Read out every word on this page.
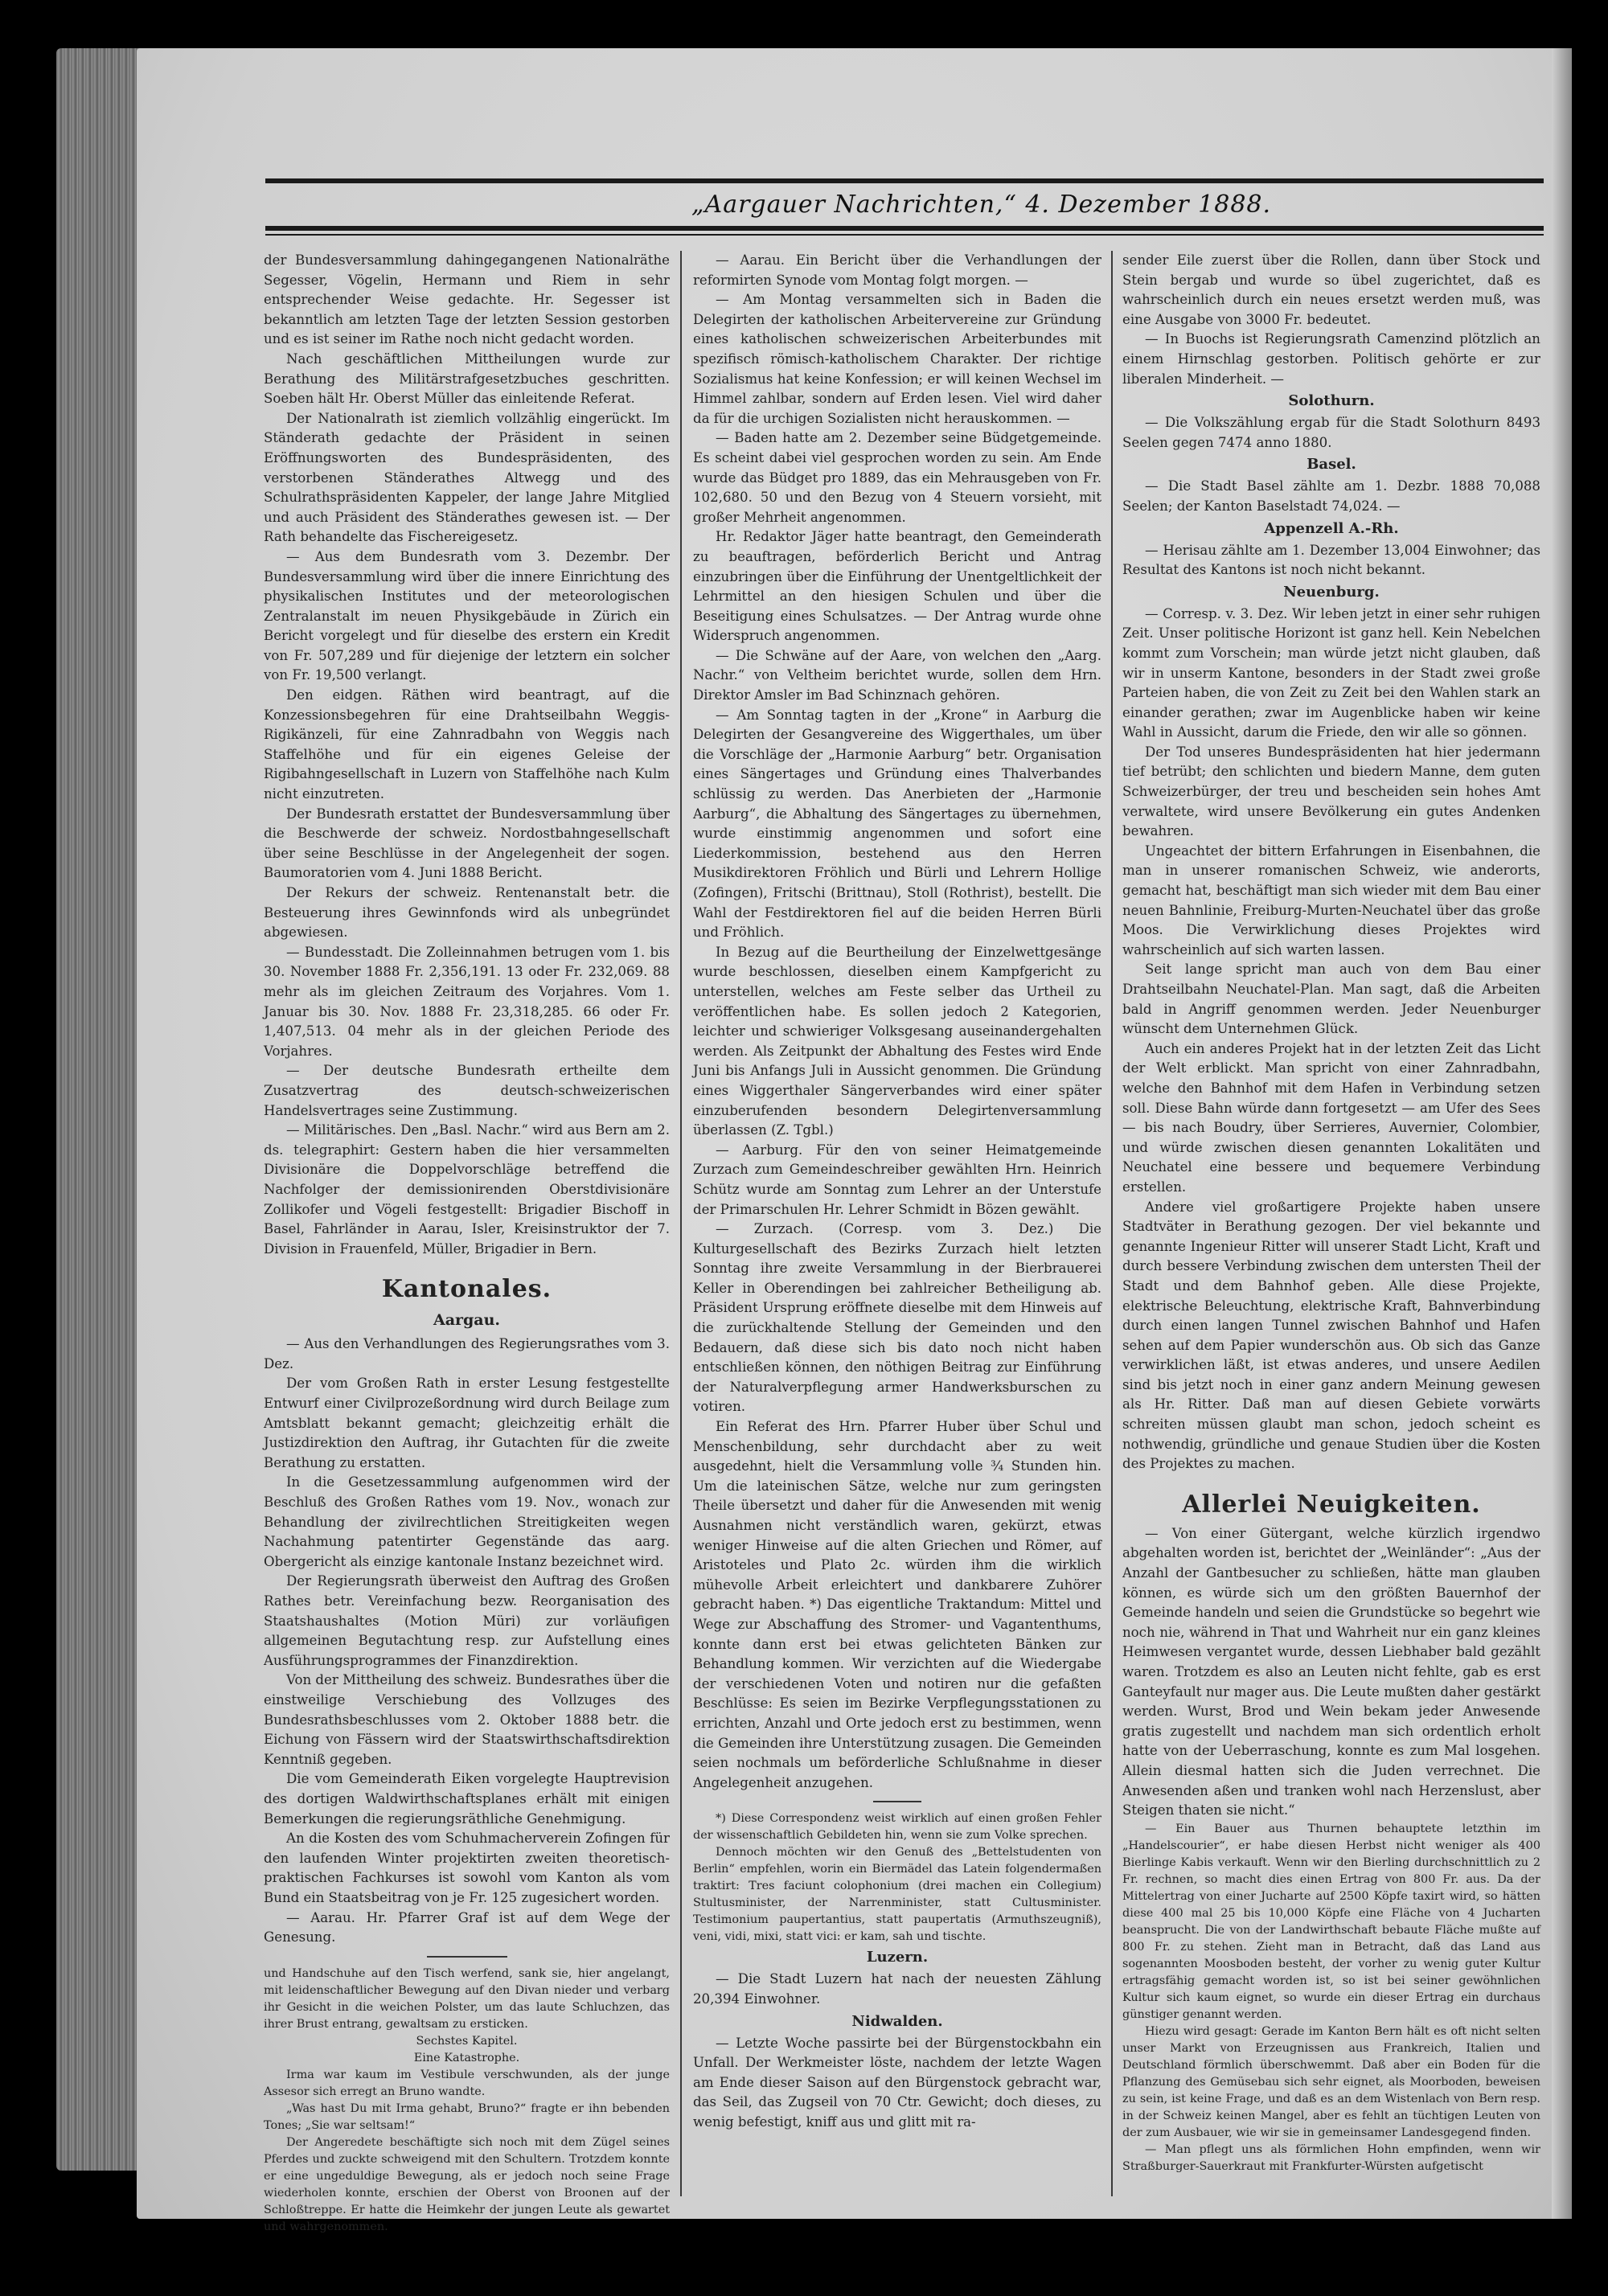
„Aargauer Nachrichten,“ 4. Dezember 1888.

der Bundesversammlung dahingegangenen Nationalräthe Segesser, Vögelin, Hermann und Riem in sehr entsprechender Weise gedachte. Hr. Segesser ist bekanntlich am letzten Tage der letzten Session gestorben und es ist seiner im Rathe noch nicht gedacht worden.

Nach geschäftlichen Mittheilungen wurde zur Berathung des Militärstrafgesetzbuches geschritten. Soeben hält Hr. Oberst Müller das einleitende Referat.

Der Nationalrath ist ziemlich vollzählig eingerückt. Im Ständerath gedachte der Präsident in seinen Eröffnungsworten des Bundespräsidenten, des verstorbenen Ständerathes Altwegg und des Schulrathspräsidenten Kappeler, der lange Jahre Mitglied und auch Präsident des Ständerathes gewesen ist. — Der Rath behandelte das Fischereigesetz.

— Aus dem Bundesrath vom 3. Dezembr. Der Bundesversammlung wird über die innere Einrichtung des physikalischen Institutes und der meteorologischen Zentralanstalt im neuen Physikgebäude in Zürich ein Bericht vorgelegt und für dieselbe des erstern ein Kredit von Fr. 507,289 und für diejenige der letztern ein solcher von Fr. 19,500 verlangt.

Den eidgen. Räthen wird beantragt, auf die Konzessionsbegehren für eine Drahtseilbahn Weggis-Rigikänzeli, für eine Zahnradbahn von Weggis nach Staffelhöhe und für ein eigenes Geleise der Rigibahngesellschaft in Luzern von Staffelhöhe nach Kulm nicht einzutreten.

Der Bundesrath erstattet der Bundesversammlung über die Beschwerde der schweiz. Nordostbahngesellschaft über seine Beschlüsse in der Angelegenheit der sogen. Baumoratorien vom 4. Juni 1888 Bericht.

Der Rekurs der schweiz. Rentenanstalt betr. die Besteuerung ihres Gewinnfonds wird als unbegründet abgewiesen.

— Bundesstadt. Die Zolleinnahmen betrugen vom 1. bis 30. November 1888 Fr. 2,356,191. 13 oder Fr. 232,069. 88 mehr als im gleichen Zeitraum des Vorjahres. Vom 1. Januar bis 30. Nov. 1888 Fr. 23,318,285. 66 oder Fr. 1,407,513. 04 mehr als in der gleichen Periode des Vorjahres.

— Der deutsche Bundesrath ertheilte dem Zusatzvertrag des deutsch-schweizerischen Handelsvertrages seine Zustimmung.

— Militärisches. Den „Basl. Nachr.“ wird aus Bern am 2. ds. telegraphirt: Gestern haben die hier versammelten Divisionäre die Doppelvorschläge betreffend die Nachfolger der demissionirenden Oberstdivisionäre Zollikofer und Vögeli festgestellt: Brigadier Bischoff in Basel, Fahrländer in Aarau, Isler, Kreisinstruktor der 7. Division in Frauenfeld, Müller, Brigadier in Bern.

Kantonales.
Aargau.

— Aus den Verhandlungen des Regierungsrathes vom 3. Dez.

Der vom Großen Rath in erster Lesung festgestellte Entwurf einer Civilprozeßordnung wird durch Beilage zum Amtsblatt bekannt gemacht; gleichzeitig erhält die Justizdirektion den Auftrag, ihr Gutachten für die zweite Berathung zu erstatten.

In die Gesetzessammlung aufgenommen wird der Beschluß des Großen Rathes vom 19. Nov., wonach zur Behandlung der zivilrechtlichen Streitigkeiten wegen Nachahmung patentirter Gegenstände das aarg. Obergericht als einzige kantonale Instanz bezeichnet wird.

Der Regierungsrath überweist den Auftrag des Großen Rathes betr. Vereinfachung bezw. Reorganisation des Staatshaushaltes (Motion Müri) zur vorläufigen allgemeinen Begutachtung resp. zur Aufstellung eines Ausführungsprogrammes der Finanzdirektion.

Von der Mittheilung des schweiz. Bundesrathes über die einstweilige Verschiebung des Vollzuges des Bundesrathsbeschlusses vom 2. Oktober 1888 betr. die Eichung von Fässern wird der Staatswirthschaftsdirektion Kenntniß gegeben.

Die vom Gemeinderath Eiken vorgelegte Hauptrevision des dortigen Waldwirthschaftsplanes erhält mit einigen Bemerkungen die regierungsräthliche Genehmigung.

An die Kosten des vom Schuhmacherverein Zofingen für den laufenden Winter projektirten zweiten theoretisch-praktischen Fachkurses ist sowohl vom Kanton als vom Bund ein Staatsbeitrag von je Fr. 125 zugesichert worden.

— Aarau. Hr. Pfarrer Graf ist auf dem Wege der Genesung.

und Handschuhe auf den Tisch werfend, sank sie, hier angelangt, mit leidenschaftlicher Bewegung auf den Divan nieder und verbarg ihr Gesicht in die weichen Polster, um das laute Schluchzen, das ihrer Brust entrang, gewaltsam zu ersticken.

Sechstes Kapitel.
Eine Katastrophe.

Irma war kaum im Vestibule verschwunden, als der junge Assesor sich erregt an Bruno wandte.

„Was hast Du mit Irma gehabt, Bruno?“ fragte er ihn bebenden Tones; „Sie war seltsam!“

Der Angeredete beschäftigte sich noch mit dem Zügel seines Pferdes und zuckte schweigend mit den Schultern. Trotzdem konnte er eine ungeduldige Bewegung, als er jedoch noch seine Frage wiederholen konnte, erschien der Oberst von Broonen auf der Schloßtreppe. Er hatte die Heimkehr der jungen Leute als gewartet und wahrgenommen.

— Aarau. Ein Bericht über die Verhandlungen der reformirten Synode vom Montag folgt morgen. —

— Am Montag versammelten sich in Baden die Delegirten der katholischen Arbeitervereine zur Gründung eines katholischen schweizerischen Arbeiterbundes mit spezifisch römisch-katholischem Charakter. Der richtige Sozialismus hat keine Konfession; er will keinen Wechsel im Himmel zahlbar, sondern auf Erden lesen. Viel wird daher da für die urchigen Sozialisten nicht herauskommen. —

— Baden hatte am 2. Dezember seine Büdgetgemeinde. Es scheint dabei viel gesprochen worden zu sein. Am Ende wurde das Büdget pro 1889, das ein Mehrausgeben von Fr. 102,680. 50 und den Bezug von 4 Steuern vorsieht, mit großer Mehrheit angenommen.

Hr. Redaktor Jäger hatte beantragt, den Gemeinderath zu beauftragen, beförderlich Bericht und Antrag einzubringen über die Einführung der Unentgeltlichkeit der Lehrmittel an den hiesigen Schulen und über die Beseitigung eines Schulsatzes. — Der Antrag wurde ohne Widerspruch angenommen.

— Die Schwäne auf der Aare, von welchen den „Aarg. Nachr.“ von Veltheim berichtet wurde, sollen dem Hrn. Direktor Amsler im Bad Schinznach gehören.

— Am Sonntag tagten in der „Krone“ in Aarburg die Delegirten der Gesangvereine des Wiggerthales, um über die Vorschläge der „Harmonie Aarburg“ betr. Organisation eines Sängertages und Gründung eines Thalverbandes schlüssig zu werden. Das Anerbieten der „Harmonie Aarburg“, die Abhaltung des Sängertages zu übernehmen, wurde einstimmig angenommen und sofort eine Liederkommission, bestehend aus den Herren Musikdirektoren Fröhlich und Bürli und Lehrern Hollige (Zofingen), Fritschi (Brittnau), Stoll (Rothrist), bestellt. Die Wahl der Festdirektoren fiel auf die beiden Herren Bürli und Fröhlich.

In Bezug auf die Beurtheilung der Einzelwettgesänge wurde beschlossen, dieselben einem Kampfgericht zu unterstellen, welches am Feste selber das Urtheil zu veröffentlichen habe. Es sollen jedoch 2 Kategorien, leichter und schwieriger Volksgesang auseinandergehalten werden. Als Zeitpunkt der Abhaltung des Festes wird Ende Juni bis Anfangs Juli in Aussicht genommen. Die Gründung eines Wiggerthaler Sängerverbandes wird einer später einzuberufenden besondern Delegirtenversammlung überlassen (Z. Tgbl.)

— Aarburg. Für den von seiner Heimatgemeinde Zurzach zum Gemeindeschreiber gewählten Hrn. Heinrich Schütz wurde am Sonntag zum Lehrer an der Unterstufe der Primarschulen Hr. Lehrer Schmidt in Bözen gewählt.

— Zurzach. (Corresp. vom 3. Dez.) Die Kulturgesellschaft des Bezirks Zurzach hielt letzten Sonntag ihre zweite Versammlung in der Bierbrauerei Keller in Oberendingen bei zahlreicher Betheiligung ab. Präsident Ursprung eröffnete dieselbe mit dem Hinweis auf die zurückhaltende Stellung der Gemeinden und den Bedauern, daß diese sich bis dato noch nicht haben entschließen können, den nöthigen Beitrag zur Einführung der Naturalverpflegung armer Handwerksburschen zu votiren.

Ein Referat des Hrn. Pfarrer Huber über Schul und Menschenbildung, sehr durchdacht aber zu weit ausgedehnt, hielt die Versammlung volle ¾ Stunden hin. Um die lateinischen Sätze, welche nur zum geringsten Theile übersetzt und daher für die Anwesenden mit wenig Ausnahmen nicht verständlich waren, gekürzt, etwas weniger Hinweise auf die alten Griechen und Römer, auf Aristoteles und Plato 2c. würden ihm die wirklich mühevolle Arbeit erleichtert und dankbarere Zuhörer gebracht haben. *) Das eigentliche Traktandum: Mittel und Wege zur Abschaffung des Stromer- und Vagantenthums, konnte dann erst bei etwas gelichteten Bänken zur Behandlung kommen. Wir verzichten auf die Wiedergabe der verschiedenen Voten und notiren nur die gefaßten Beschlüsse: Es seien im Bezirke Verpflegungsstationen zu errichten, Anzahl und Orte jedoch erst zu bestimmen, wenn die Gemeinden ihre Unterstützung zusagen. Die Gemeinden seien nochmals um beförderliche Schlußnahme in dieser Angelegenheit anzugehen.

*) Diese Correspondenz weist wirklich auf einen großen Fehler der wissenschaftlich Gebildeten hin, wenn sie zum Volke sprechen.

Dennoch möchten wir den Genuß des „Bettelstudenten von Berlin“ empfehlen, worin ein Biermädel das Latein folgendermaßen traktirt: Tres faciunt colophonium (drei machen ein Collegium) Stultusminister, der Narrenminister, statt Cultusminister. Testimonium paupertantius, statt paupertatis (Armuthszeugniß), veni, vidi, mixi, statt vici: er kam, sah und tischte.

Luzern.

— Die Stadt Luzern hat nach der neuesten Zählung 20,394 Einwohner.

Nidwalden.

— Letzte Woche passirte bei der Bürgenstockbahn ein Unfall. Der Werkmeister löste, nachdem der letzte Wagen am Ende dieser Saison auf den Bürgenstock gebracht war, das Seil, das Zugseil von 70 Ctr. Gewicht; doch dieses, zu wenig befestigt, kniff aus und glitt mit ra-

sender Eile zuerst über die Rollen, dann über Stock und Stein bergab und wurde so übel zugerichtet, daß es wahrscheinlich durch ein neues ersetzt werden muß, was eine Ausgabe von 3000 Fr. bedeutet.

— In Buochs ist Regierungsrath Camenzind plötzlich an einem Hirnschlag gestorben. Politisch gehörte er zur liberalen Minderheit. —

Solothurn.

— Die Volkszählung ergab für die Stadt Solothurn 8493 Seelen gegen 7474 anno 1880.

Basel.

— Die Stadt Basel zählte am 1. Dezbr. 1888 70,088 Seelen; der Kanton Baselstadt 74,024. —

Appenzell A.-Rh.

— Herisau zählte am 1. Dezember 13,004 Einwohner; das Resultat des Kantons ist noch nicht bekannt.

Neuenburg.

— Corresp. v. 3. Dez. Wir leben jetzt in einer sehr ruhigen Zeit. Unser politische Horizont ist ganz hell. Kein Nebelchen kommt zum Vorschein; man würde jetzt nicht glauben, daß wir in unserm Kantone, besonders in der Stadt zwei große Parteien haben, die von Zeit zu Zeit bei den Wahlen stark an einander gerathen; zwar im Augenblicke haben wir keine Wahl in Aussicht, darum die Friede, den wir alle so gönnen.

Der Tod unseres Bundespräsidenten hat hier jedermann tief betrübt; den schlichten und biedern Manne, dem guten Schweizerbürger, der treu und bescheiden sein hohes Amt verwaltete, wird unsere Bevölkerung ein gutes Andenken bewahren.

Ungeachtet der bittern Erfahrungen in Eisenbahnen, die man in unserer romanischen Schweiz, wie anderorts, gemacht hat, beschäftigt man sich wieder mit dem Bau einer neuen Bahnlinie, Freiburg-Murten-Neuchatel über das große Moos. Die Verwirklichung dieses Projektes wird wahrscheinlich auf sich warten lassen.

Seit lange spricht man auch von dem Bau einer Drahtseilbahn Neuchatel-Plan. Man sagt, daß die Arbeiten bald in Angriff genommen werden. Jeder Neuenburger wünscht dem Unternehmen Glück.

Auch ein anderes Projekt hat in der letzten Zeit das Licht der Welt erblickt. Man spricht von einer Zahnradbahn, welche den Bahnhof mit dem Hafen in Verbindung setzen soll. Diese Bahn würde dann fortgesetzt — am Ufer des Sees — bis nach Boudry, über Serrieres, Auvernier, Colombier, und würde zwischen diesen genannten Lokalitäten und Neuchatel eine bessere und bequemere Verbindung erstellen.

Andere viel großartigere Projekte haben unsere Stadtväter in Berathung gezogen. Der viel bekannte und genannte Ingenieur Ritter will unserer Stadt Licht, Kraft und durch bessere Verbindung zwischen dem untersten Theil der Stadt und dem Bahnhof geben. Alle diese Projekte, elektrische Beleuchtung, elektrische Kraft, Bahnverbindung durch einen langen Tunnel zwischen Bahnhof und Hafen sehen auf dem Papier wunderschön aus. Ob sich das Ganze verwirklichen läßt, ist etwas anderes, und unsere Aedilen sind bis jetzt noch in einer ganz andern Meinung gewesen als Hr. Ritter. Daß man auf diesen Gebiete vorwärts schreiten müssen glaubt man schon, jedoch scheint es nothwendig, gründliche und genaue Studien über die Kosten des Projektes zu machen.

Allerlei Neuigkeiten.

— Von einer Gütergant, welche kürzlich irgendwo abgehalten worden ist, berichtet der „Weinländer“: „Aus der Anzahl der Gantbesucher zu schließen, hätte man glauben können, es würde sich um den größten Bauernhof der Gemeinde handeln und seien die Grundstücke so begehrt wie noch nie, während in That und Wahrheit nur ein ganz kleines Heimwesen vergantet wurde, dessen Liebhaber bald gezählt waren. Trotzdem es also an Leuten nicht fehlte, gab es erst Ganteyfault nur mager aus. Die Leute mußten daher gestärkt werden. Wurst, Brod und Wein bekam jeder Anwesende gratis zugestellt und nachdem man sich ordentlich erholt hatte von der Ueberraschung, konnte es zum Mal losgehen. Allein diesmal hatten sich die Juden verrechnet. Die Anwesenden aßen und tranken wohl nach Herzenslust, aber Steigen thaten sie nicht.“

— Ein Bauer aus Thurnen behauptete letzthin im „Handelscourier“, er habe diesen Herbst nicht weniger als 400 Bierlinge Kabis verkauft. Wenn wir den Bierling durchschnittlich zu 2 Fr. rechnen, so macht dies einen Ertrag von 800 Fr. aus. Da der Mittelertrag von einer Jucharte auf 2500 Köpfe taxirt wird, so hätten diese 400 mal 25 bis 10,000 Köpfe eine Fläche von 4 Jucharten beansprucht. Die von der Landwirthschaft bebaute Fläche mußte auf 800 Fr. zu stehen. Zieht man in Betracht, daß das Land aus sogenannten Moosboden besteht, der vorher zu wenig guter Kultur ertragsfähig gemacht worden ist, so ist bei seiner gewöhnlichen Kultur sich kaum eignet, so wurde ein dieser Ertrag ein durchaus günstiger genannt werden.

Hiezu wird gesagt: Gerade im Kanton Bern hält es oft nicht selten unser Markt von Erzeugnissen aus Frankreich, Italien und Deutschland förmlich überschwemmt. Daß aber ein Boden für die Pflanzung des Gemüsebau sich sehr eignet, als Moorboden, beweisen zu sein, ist keine Frage, und daß es an dem Wistenlach von Bern resp. in der Schweiz keinen Mangel, aber es fehlt an tüchtigen Leuten von der zum Ausbauer, wie wir sie in gemeinsamer Landesgegend finden.

— Man pflegt uns als förmlichen Hohn empfinden, wenn wir Straßburger-Sauerkraut mit Frankfurter-Würsten aufgetischt
